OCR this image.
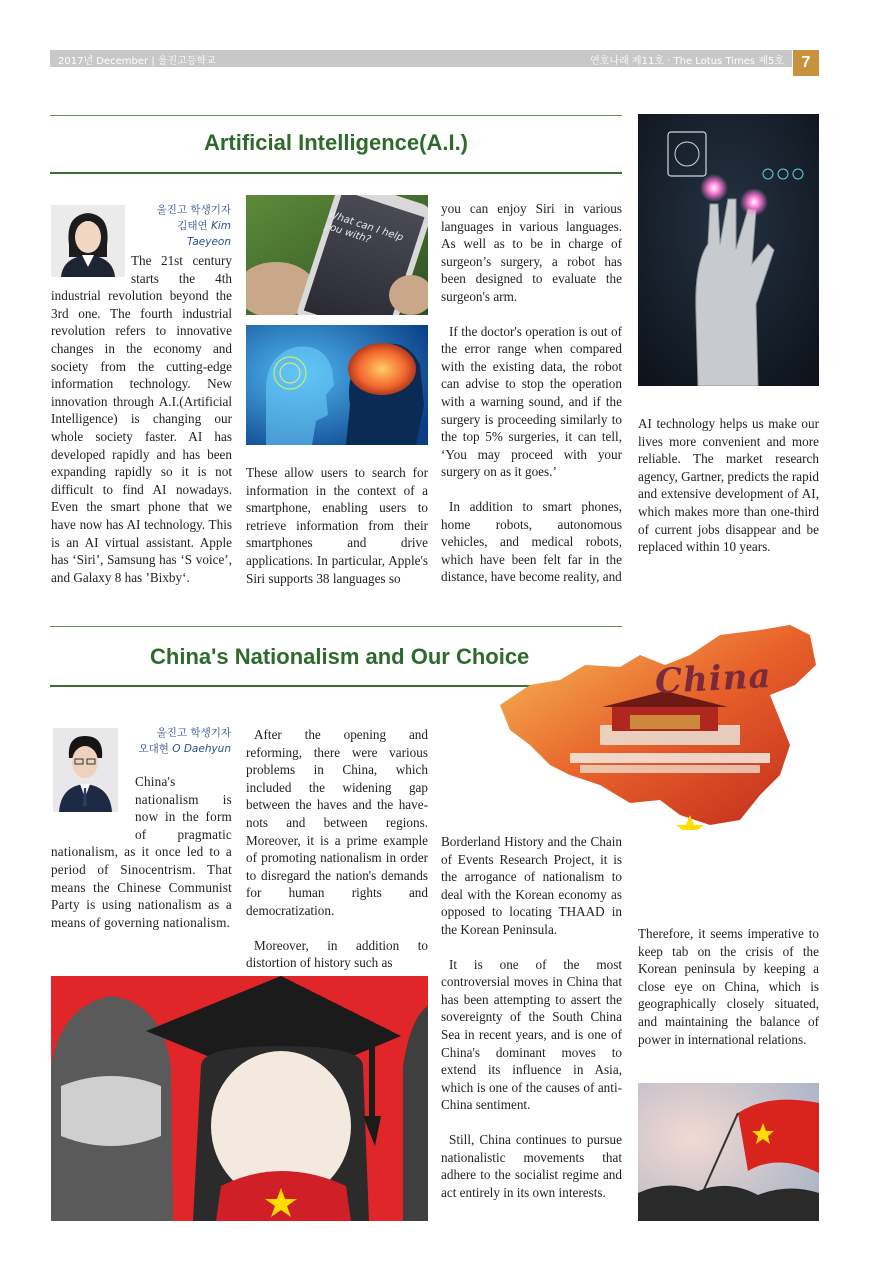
2017년 December | 울진고등학교	연호나래 제11호 · The Lotus Times 제5호	7
Artificial Intelligence(A.I.)
울진고 학생기자
김태연 Kim Taeyeon

The 21st century starts the 4th industrial revolution beyond the 3rd one. The fourth industrial revolution refers to innovative changes in the economy and society from the cutting-edge information technology. New innovation through A.I.(Artificial Intelligence) is changing our whole society faster. AI has developed rapidly and has been expanding rapidly so it is not difficult to find AI nowadays. Even the smart phone that we have now has AI technology. This is an AI virtual assistant. Apple has ‘Siri’, Samsung has ‘S voice’, and Galaxy 8 has ’Bixby‘.

What can I help you with?

These allow users to search for information in the context of a smartphone, enabling users to retrieve information from their smartphones and drive applications. In particular, Apple's Siri supports 38 languages so

you can enjoy Siri in various languages in various languages. As well as to be in charge of surgeon’s surgery, a robot has been designed to evaluate the surgeon's arm.

If the doctor's operation is out of the error range when compared with the existing data, the robot can advise to stop the operation with a warning sound, and if the surgery is proceeding similarly to the top 5% surgeries, it can tell, ‘You may proceed with your surgery on as it goes.’

In addition to smart phones, home robots, autonomous vehicles, and medical robots, which have been felt far in the distance, have become reality, and

AI technology helps us make our lives more convenient and more reliable. The market research agency, Gartner, predicts the rapid and extensive development of AI, which makes more than one-third of current jobs disappear and be replaced within 10 years.

China's Nationalism and Our Choice	China
울진고 학생기자
오대현 O Daehyun

China's nationalism is now in the form of pragmatic nationalism, as it once led to a period of Sinocentrism. That means the Chinese Communist Party is using nationalism as a means of governing nationalism.

After the opening and reforming, there were various problems in China, which included the widening gap between the haves and the have-nots and between regions. Moreover, it is a prime example of promoting nationalism in order to disregard the nation's demands for human rights and democratization.

Moreover, in addition to distortion of history such as

Borderland History and the Chain of Events Research Project, it is the arrogance of nationalism to deal with the Korean economy as opposed to locating THAAD in the Korean Peninsula.

It is one of the most controversial moves in China that has been attempting to assert the sovereignty of the South China Sea in recent years, and is one of China's dominant moves to extend its influence in Asia, which is one of the causes of anti-China sentiment.

Still, China continues to pursue nationalistic movements that adhere to the socialist regime and act entirely in its own interests.

Therefore, it seems imperative to keep tab on the crisis of the Korean peninsula by keeping a close eye on China, which is geographically closely situated, and maintaining the balance of power in international relations.
